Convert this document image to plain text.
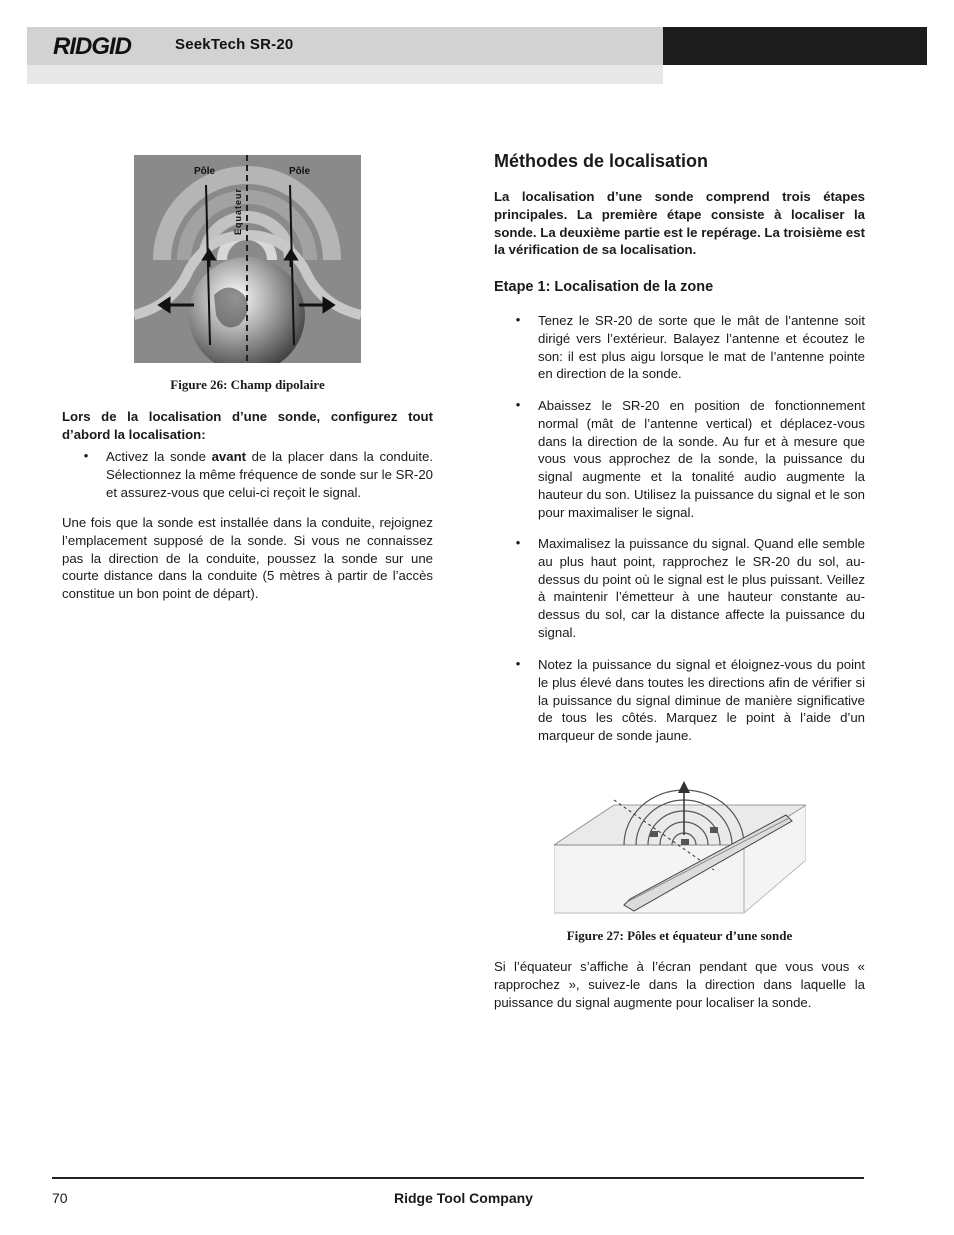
RIDGID	SeekTech SR-20
Pôle	Pôle
Equateur
Figure 26: Champ dipolaire
Lors de la localisation d’une sonde, configurez tout d’abord la localisation:
•	Activez la sonde avant de la placer dans la conduite. Sélectionnez la même fréquence de sonde sur le SR-20 et assurez-vous que celui-ci reçoit le signal.
Une fois que la sonde est installée dans la conduite, rejoignez l’emplacement supposé de la sonde. Si vous ne connaissez pas la direction de la conduite, poussez la sonde sur une courte distance dans la conduite (5 mètres à partir de l’accès constitue un bon point de départ).
Méthodes de localisation
La localisation d’une sonde comprend trois étapes principales. La première étape consiste à localiser la sonde. La deuxième partie est le repérage. La troisième est la vérification de sa localisation.
Etape 1: Localisation de la zone
•	Tenez le SR-20 de sorte que le mât de l’antenne soit dirigé vers l’extérieur. Balayez l’antenne et écoutez le son: il est plus aigu lorsque le mat de l’antenne pointe en direction de la sonde.
•	Abaissez le SR-20 en position de fonctionnement normal (mât de l’antenne vertical) et déplacez-vous dans la direction de la sonde. Au fur et à mesure que vous vous approchez de la sonde, la puissance du signal augmente et la tonalité audio augmente la hauteur du son. Utilisez la puissance du signal et le son pour maximaliser le signal.
•	Maximalisez la puissance du signal. Quand elle semble au plus haut point, rapprochez le SR-20 du sol, au-dessus du point où le signal est le plus puissant. Veillez à maintenir l’émetteur à une hauteur constante au-dessus du sol, car la distance affecte la puissance du signal.
•	Notez la puissance du signal et éloignez-vous du point le plus élevé dans toutes les directions afin de vérifier si la puissance du signal diminue de manière significative de tous les côtés. Marquez le point à l’aide d’un marqueur de sonde jaune.
Figure 27: Pôles et équateur d’une sonde
Si l’équateur s’affiche à l’écran pendant que vous vous « rapprochez », suivez-le dans la direction dans laquelle la puissance du signal augmente pour localiser la sonde.
70	Ridge Tool Company
